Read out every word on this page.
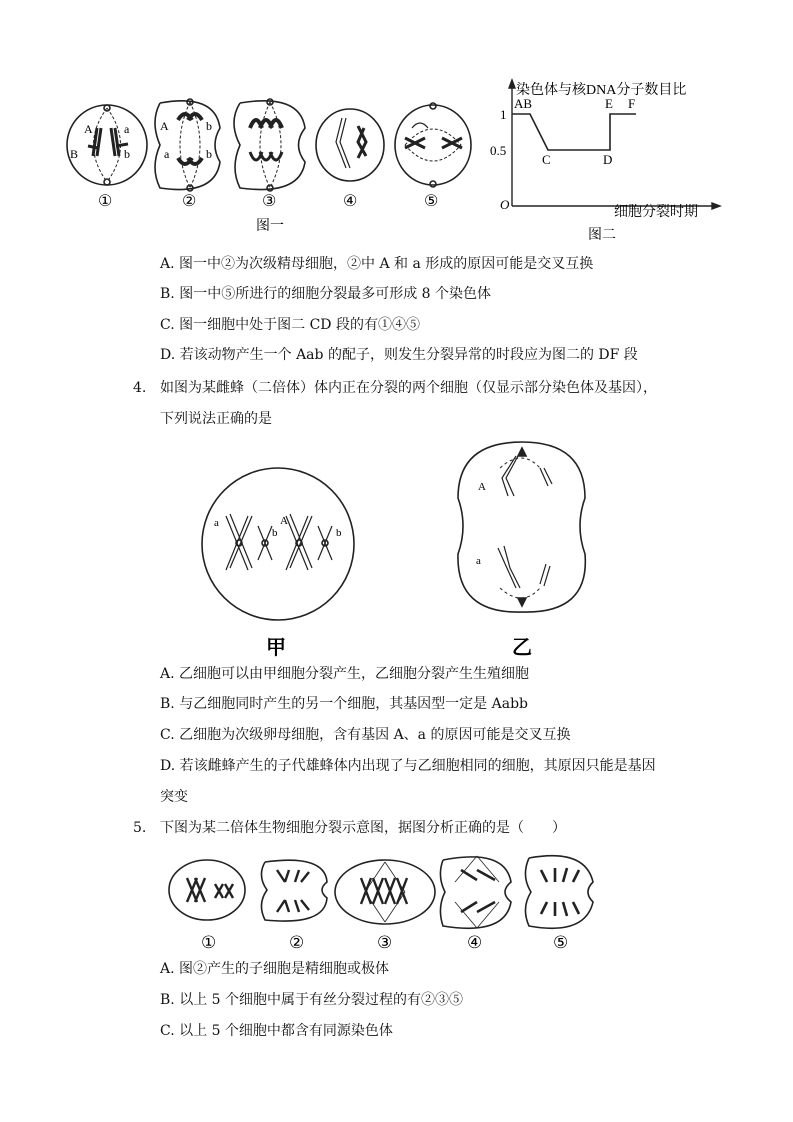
A	a
B	b
A	b
a	b
①	②	③	④	⑤
图一
染色体与核DNA分子数目比
AB
C	D
E F
1
0.5
O
细胞分裂时期
图二
A. 图一中②为次级精母细胞，②中 A 和 a 形成的原因可能是交叉互换
B. 图一中⑤所进行的细胞分裂最多可形成 8 个染色体
C. 图一细胞中处于图二 CD 段的有①④⑤
D. 若该动物产生一个 Aab 的配子，则发生分裂异常的时段应为图二的 DF 段
4. 如图为某雌蜂（二倍体）体内正在分裂的两个细胞（仅显示部分染色体及基因），
下列说法正确的是
a
b
A
b
A
a
甲	乙
A. 乙细胞可以由甲细胞分裂产生，乙细胞分裂产生生殖细胞
B. 与乙细胞同时产生的另一个细胞，其基因型一定是 Aabb
C. 乙细胞为次级卵母细胞，含有基因 A、a 的原因可能是交叉互换
D. 若该雌蜂产生的子代雄蜂体内出现了与乙细胞相同的细胞，其原因只能是基因
突变
5. 下图为某二倍体生物细胞分裂示意图，据图分析正确的是（　　）
①	②	③	④	⑤
A. 图②产生的子细胞是精细胞或极体
B. 以上 5 个细胞中属于有丝分裂过程的有②③⑤
C. 以上 5 个细胞中都含有同源染色体
